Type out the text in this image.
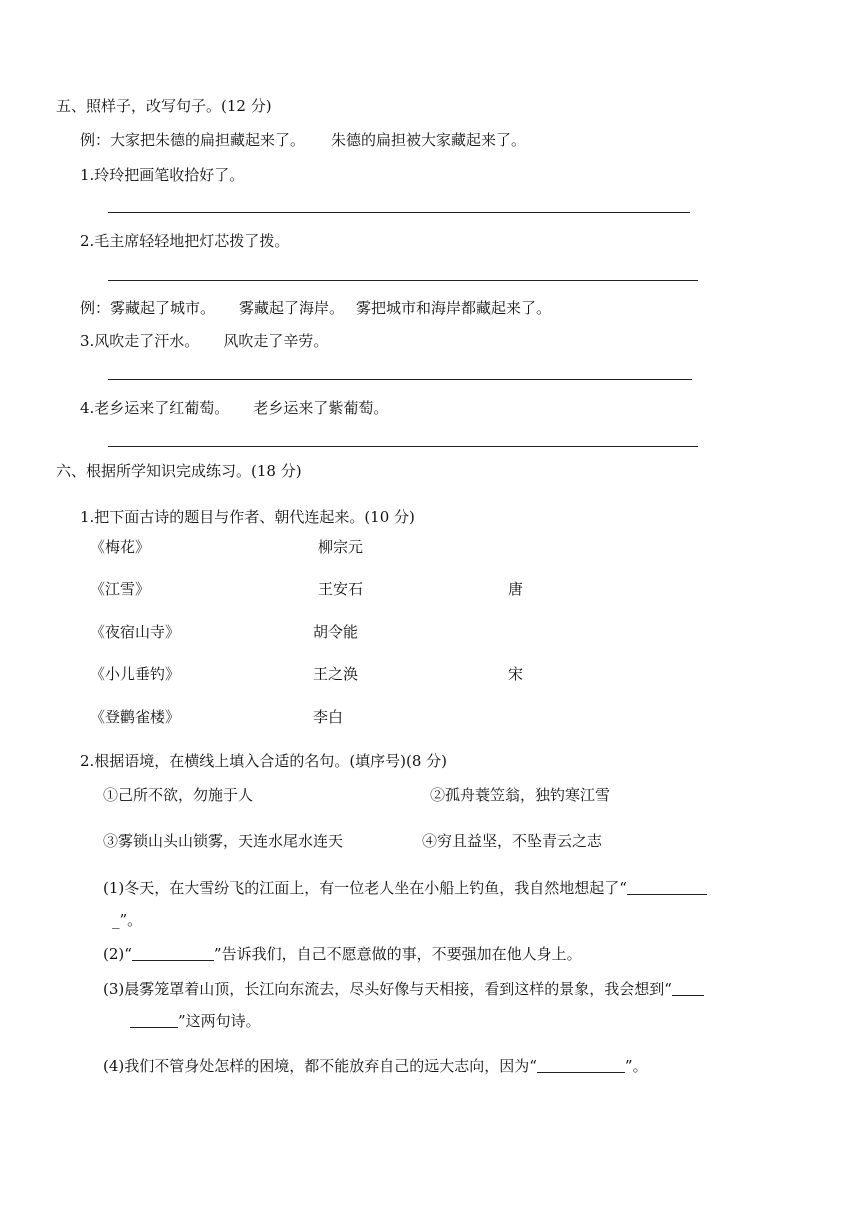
五、照样子，改写句子。(12 分)
例：大家把朱德的扁担藏起来了。 朱德的扁担被大家藏起来了。
1.玲玲把画笔收拾好了。
2.毛主席轻轻地把灯芯拨了拨。
例：雾藏起了城市。 雾藏起了海岸。 雾把城市和海岸都藏起来了。
3.风吹走了汗水。 风吹走了辛劳。
4.老乡运来了红葡萄。 老乡运来了紫葡萄。
六、根据所学知识完成练习。(18 分)
1.把下面古诗的题目与作者、朝代连起来。(10 分)
《梅花》	柳宗元
《江雪》	王安石	唐
《夜宿山寺》	胡令能
《小儿垂钓》	王之涣	宋
《登鹳雀楼》	李白
2.根据语境，在横线上填入合适的名句。(填序号)(8 分)
①己所不欲，勿施于人	②孤舟蓑笠翁，独钓寒江雪
③雾锁山头山锁雾，天连水尾水连天	④穷且益坚，不坠青云之志
(1)冬天，在大雪纷飞的江面上，有一位老人坐在小船上钓鱼，我自然地想起了“
_”。
(2)“	”告诉我们，自己不愿意做的事，不要强加在他人身上。
(3)晨雾笼罩着山顶，长江向东流去，尽头好像与天相接，看到这样的景象，我会想到“
”这两句诗。
(4)我们不管身处怎样的困境，都不能放弃自己的远大志向，因为“	”。
